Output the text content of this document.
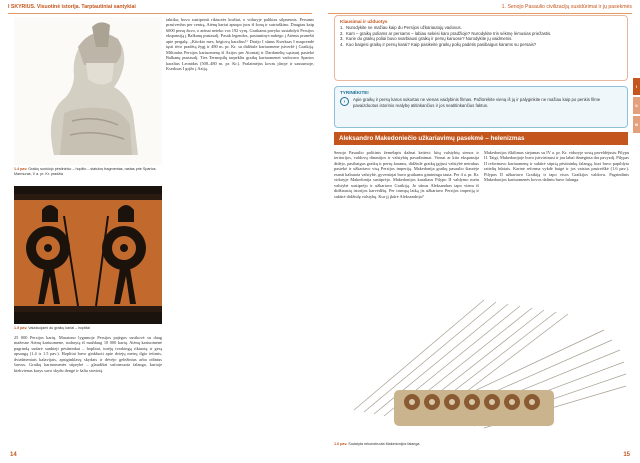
I SKYRIUS. Visuotinė istorija. Tarptautiniai santykiai
1.4 pav. Graikų sunkiojo pėstininko – hoplito – statulos fragmentas, rastas prie Spartos. Marmuras, V a. pr. Kr. pradžia
1.5 pav. Vaizduojami du graikų kariai – hoplitai
25 000 Persijos karių. Maratono lygumoje Persijos pajėgos susikovė su daug mažesne Atėnų kariuomene, sudarytą iš maždaug 10 000 karių. Atėnų kariuomenė pagrindą sudarė sunkieji pėstininkai – hoplitai, turėję tvarkingą rikiuotę ir gerą apsaugą (1.4 ir 1.5 pav.). Hoplitai buvo ginkluoti apie dviejų metrų ilgio ietimis, dviašmeniais kalavijais, apsiginklavę skydais ir dėvėjo geležinius arba odinius šarvus. Graikų kariuomenės stiprybė – glaudžiai suformuota falanga, kurioje kiekvienas karys savo skydu dengė ir šalia stovintį.
taktika; buvo sustiprinti rikiuotės kraštai, o viduryje paliktas silpnesnis. Persams prasiveržus per centrą, Atėnų kariai apsupo juos iš šonų ir sutriuškino. Daugiau kaip 6000 persų žuvo, o atėnai neteko vos 192 vyrų. Graikams pavyko sustabdyti Persijos ekspansiją į Balkanų pusiasalį. Pasak legendos, pasiuntinys nubėgo į Atėnus pranešti apie pergalę: „Kitokio mes, bėgiovą karalius!“ Darijo I sūnus Kserksas I nusprendė tęsti tėvo pradėtą žygį ir 480 m. pr. Kr. su didžiule kariuomene įsiveržė į Graikiją. Miltiadas Persijos kariuomenę iš Azijos per Atoniaij ir Dardanelių sąsiaurį pasiekė Balkanų pusiasalį. Ties Termopilų tarpekliu graikų kariuomenei vadovavo Spartos karalius Leonidas (508–480 m. pr. Kr.). Pralaimėjus kovas jūroje ir sausumoje, Kserksas I grįžo į Aziją.
14
1. Senojo Pasaulio civilizacijų susidūrimai ir jų pasekmės
I
II
III
Klausimai ir užduotys
1. Nurodykite ne mažiau kaip du Persijos užkariautojų vadovus.
2. Kam – graikų poliams ar persams – labiau sekėsi karo pradžioje? Nurodykite tris sėkmę lėmusias priežastis.
3. Kurie du graikų poliai buvo svarbiausi graikų ir persų karuose? Nurodykite jų vaidmenis.
4. Kuo baigėsi graikų ir persų karai? Kaip pasikeitė graikų polių padėtis pasibaigus karams su persais?
TYRINĖKITE!
›	Apie graikų ir persų karus sukurtas ne vienas vaidybinis filmas. Pažiūrėkite vieną iš jų ir palyginkite ne mažiau kaip po penkis filme pavaizduotus istorinio realybę atitinkančius ir jos neatitinkančius faktus.
Aleksandro Makedoniečio užkariavimų pasekmė – helenizmas
Senojo Pasaulio politinis žemėlapis dažnai keitėsi: kitų valstybių sienos ir teritorijos, valdovų dinastijos ir valstybių pavadinimai. Vienai ar kito ekspansija didėjo, pasibaigus graikų ir persų karams, didžiulė graikų įgijusi valstybė netrukus pasiekė ir užkariavo visą Persijos imperiją. Makedonija graikų pasaulio šiaurėje esanti kalnuota valstybė, gyventojai buvo graikams gimininga tauta. Per 4 a. pr. Kr. viduryje Makedonija sustiprėjo. Makedonijos karaliaus Pilypo II valdymo metu valstybė sustiprėjo ir užkariavo Graikiją. Jo sūnus Aleksandras tapo vienu iš didžiausių istorijos karvedžių. Per trumpą laiką jis užkariavo Persijos imperiją ir sukūrė didžiulę valstybę. Kur jį įkūrė Aleksandrija?
Makedonijos iškilimas siejamas su IV a. pr. Kr. viduryje sostą paveldėjusiu Pilypu II. Taigi, Makedonijoje buvo įsitvirtinusi ir jau labai išmėginta dar pavyzdį. Pilypas II reformavo kariuomenę ir sukūrė stiprią pėstininkų falangą, kuri buvo papildyta raitelių būriais. Karinė reforma vykdė baigė ir jos vaisius pasireiškė (1.6 pav.). Pilypas II užkariavo Graikiją ir tapo visos Graikijos valdovu. Pagrindinis Makedonijos kariuomenės kovos daliniu buvo falanga.
1.6 pav. Sudaryta rekonstruota Makedonijos falanga
15
